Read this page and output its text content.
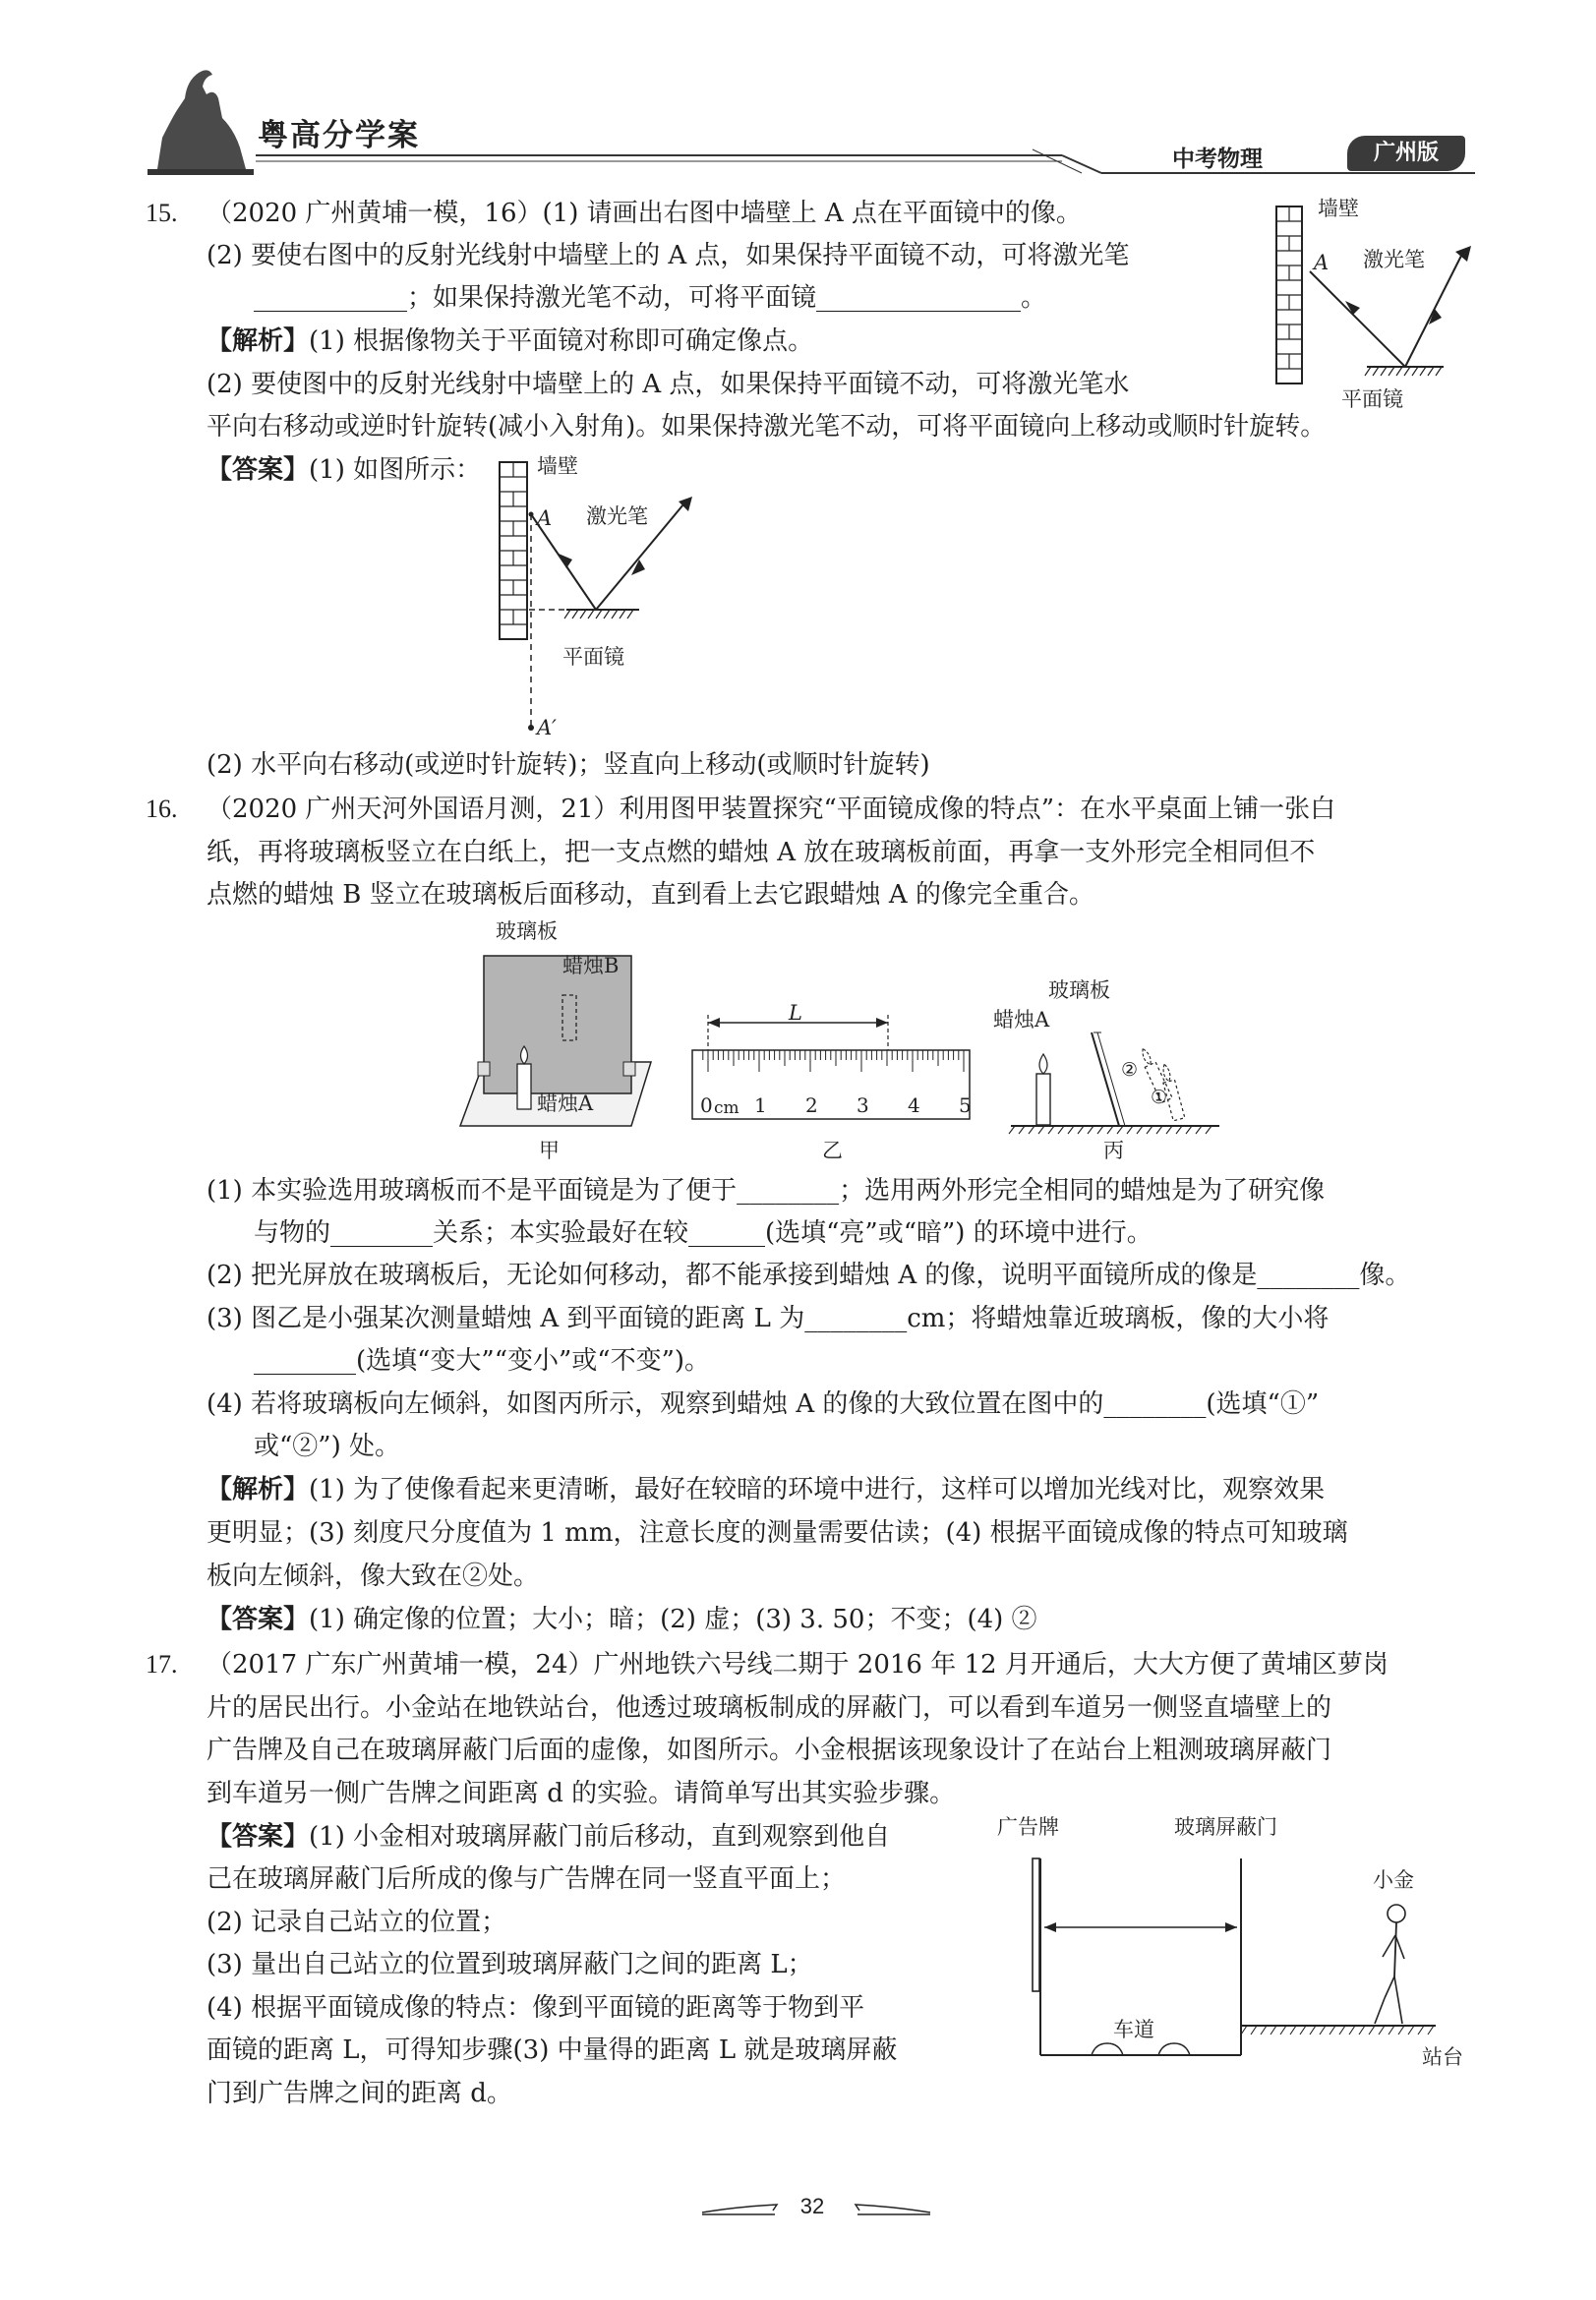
粤高分学案
中考物理	广州版
15. （2020 广州黄埔一模，16）(1) 请画出右图中墙壁上 A 点在平面镜中的像。
(2) 要使右图中的反射光线射中墙壁上的 A 点，如果保持平面镜不动，可将激光笔
____________；如果保持激光笔不动，可将平面镜________________。
【解析】(1) 根据像物关于平面镜对称即可确定像点。
(2) 要使图中的反射光线射中墙壁上的 A 点，如果保持平面镜不动，可将激光笔水
平向右移动或逆时针旋转(减小入射角)。如果保持激光笔不动，可将平面镜向上移动或顺时针旋转。
【答案】(1) 如图所示：
(2) 水平向右移动(或逆时针旋转)；竖直向上移动(或顺时针旋转)
墙壁
A 激光笔
平面镜
墙壁
A 激光笔
平面镜
A′
16. （2020 广州天河外国语月测，21）利用图甲装置探究“平面镜成像的特点”：在水平桌面上铺一张白
纸，再将玻璃板竖立在白纸上，把一支点燃的蜡烛 A 放在玻璃板前面，再拿一支外形完全相同但不
点燃的蜡烛 B 竖立在玻璃板后面移动，直到看上去它跟蜡烛 A 的像完全重合。
玻璃板
蜡烛B
蜡烛A
甲
L
0 cm 1 2 3 4 5
乙
玻璃板
蜡烛A
②
①
丙
(1) 本实验选用玻璃板而不是平面镜是为了便于________；选用两外形完全相同的蜡烛是为了研究像
与物的________关系；本实验最好在较______(选填“亮”或“暗”) 的环境中进行。
(2) 把光屏放在玻璃板后，无论如何移动，都不能承接到蜡烛 A 的像，说明平面镜所成的像是________像。
(3) 图乙是小强某次测量蜡烛 A 到平面镜的距离 L 为________cm；将蜡烛靠近玻璃板，像的大小将
________(选填“变大”“变小”或“不变”)。
(4) 若将玻璃板向左倾斜，如图丙所示，观察到蜡烛 A 的像的大致位置在图中的________(选填“①”
或“②”) 处。
【解析】(1) 为了使像看起来更清晰，最好在较暗的环境中进行，这样可以增加光线对比，观察效果
更明显；(3) 刻度尺分度值为 1 mm，注意长度的测量需要估读；(4) 根据平面镜成像的特点可知玻璃
板向左倾斜，像大致在②处。
【答案】(1) 确定像的位置；大小；暗；(2) 虚；(3) 3. 50；不变；(4) ②
17. （2017 广东广州黄埔一模，24）广州地铁六号线二期于 2016 年 12 月开通后，大大方便了黄埔区萝岗
片的居民出行。小金站在地铁站台，他透过玻璃板制成的屏蔽门，可以看到车道另一侧竖直墙壁上的
广告牌及自己在玻璃屏蔽门后面的虚像，如图所示。小金根据该现象设计了在站台上粗测玻璃屏蔽门
到车道另一侧广告牌之间距离 d 的实验。请简单写出其实验步骤。
【答案】(1) 小金相对玻璃屏蔽门前后移动，直到观察到他自
己在玻璃屏蔽门后所成的像与广告牌在同一竖直平面上；
(2) 记录自己站立的位置；
(3) 量出自己站立的位置到玻璃屏蔽门之间的距离 L；
(4) 根据平面镜成像的特点：像到平面镜的距离等于物到平
面镜的距离 L，可得知步骤(3) 中量得的距离 L 就是玻璃屏蔽
门到广告牌之间的距离 d。
广告牌	玻璃屏蔽门
小金
车道
站台
32
